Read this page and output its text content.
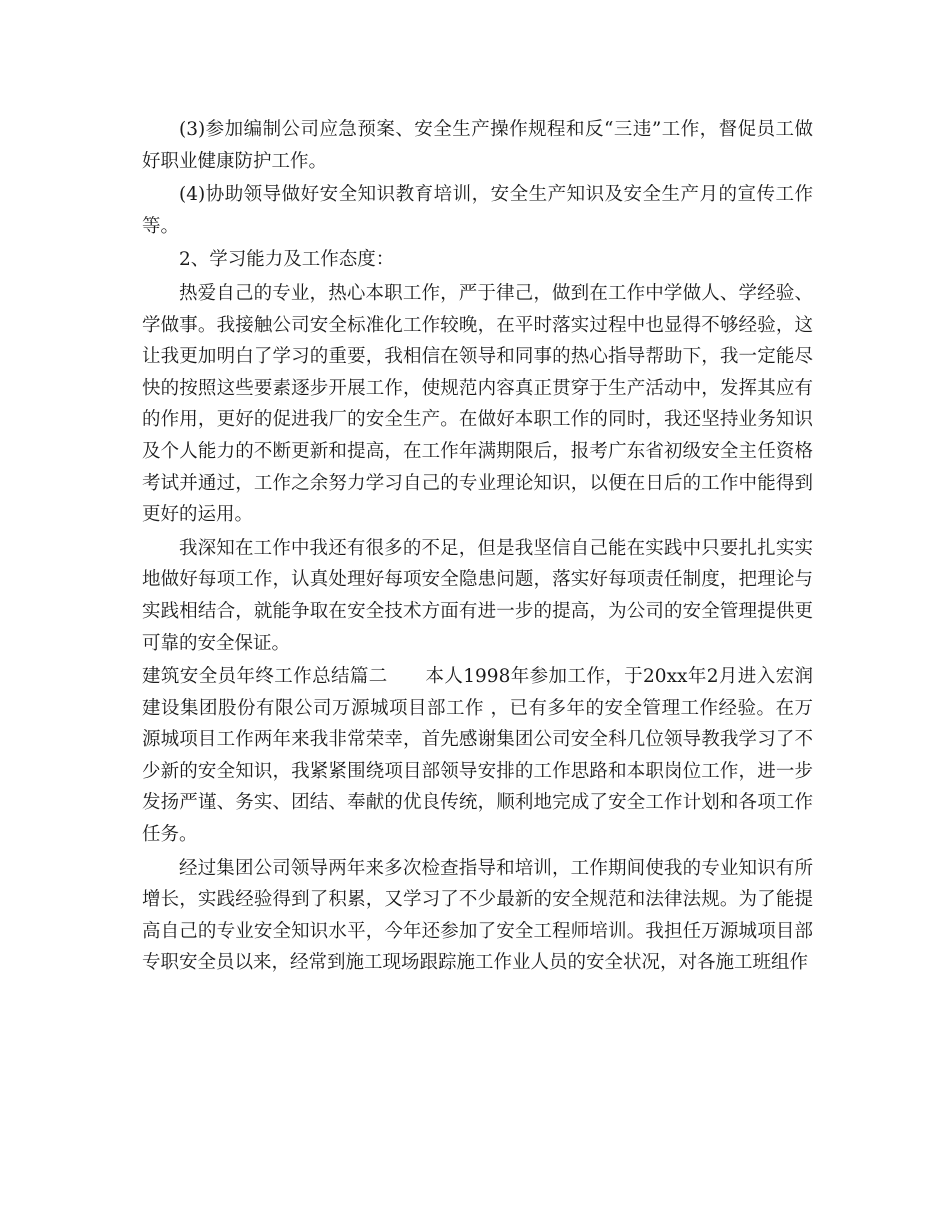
(3)参加编制公司应急预案、安全生产操作规程和反“三违”工作，督促员工做好职业健康防护工作。

(4)协助领导做好安全知识教育培训，安全生产知识及安全生产月的宣传工作等。

2、学习能力及工作态度：

热爱自己的专业，热心本职工作，严于律己，做到在工作中学做人、学经验、学做事。我接触公司安全标准化工作较晚，在平时落实过程中也显得不够经验，这让我更加明白了学习的重要，我相信在领导和同事的热心指导帮助下，我一定能尽快的按照这些要素逐步开展工作，使规范内容真正贯穿于生产活动中，发挥其应有的作用，更好的促进我厂的安全生产。在做好本职工作的同时，我还坚持业务知识及个人能力的不断更新和提高，在工作年满期限后，报考广东省初级安全主任资格考试并通过，工作之余努力学习自己的专业理论知识，以便在日后的工作中能得到更好的运用。

我深知在工作中我还有很多的不足，但是我坚信自己能在实践中只要扎扎实实地做好每项工作，认真处理好每项安全隐患问题，落实好每项责任制度，把理论与实践相结合，就能争取在安全技术方面有进一步的提高，为公司的安全管理提供更可靠的安全保证。

建筑安全员年终工作总结篇二　　本人1998年参加工作，于20xx年2月进入宏润建设集团股份有限公司万源城项目部工作 ，已有多年的安全管理工作经验。在万源城项目工作两年来我非常荣幸，首先感谢集团公司安全科几位领导教我学习了不少新的安全知识，我紧紧围绕项目部领导安排的工作思路和本职岗位工作，进一步发扬严谨、务实、团结、奉献的优良传统，顺利地完成了安全工作计划和各项工作任务。

经过集团公司领导两年来多次检查指导和培训，工作期间使我的专业知识有所增长，实践经验得到了积累，又学习了不少最新的安全规范和法律法规。为了能提高自己的专业安全知识水平，今年还参加了安全工程师培训。我担任万源城项目部专职安全员以来，经常到施工现场跟踪施工作业人员的安全状况，对各施工班组作
